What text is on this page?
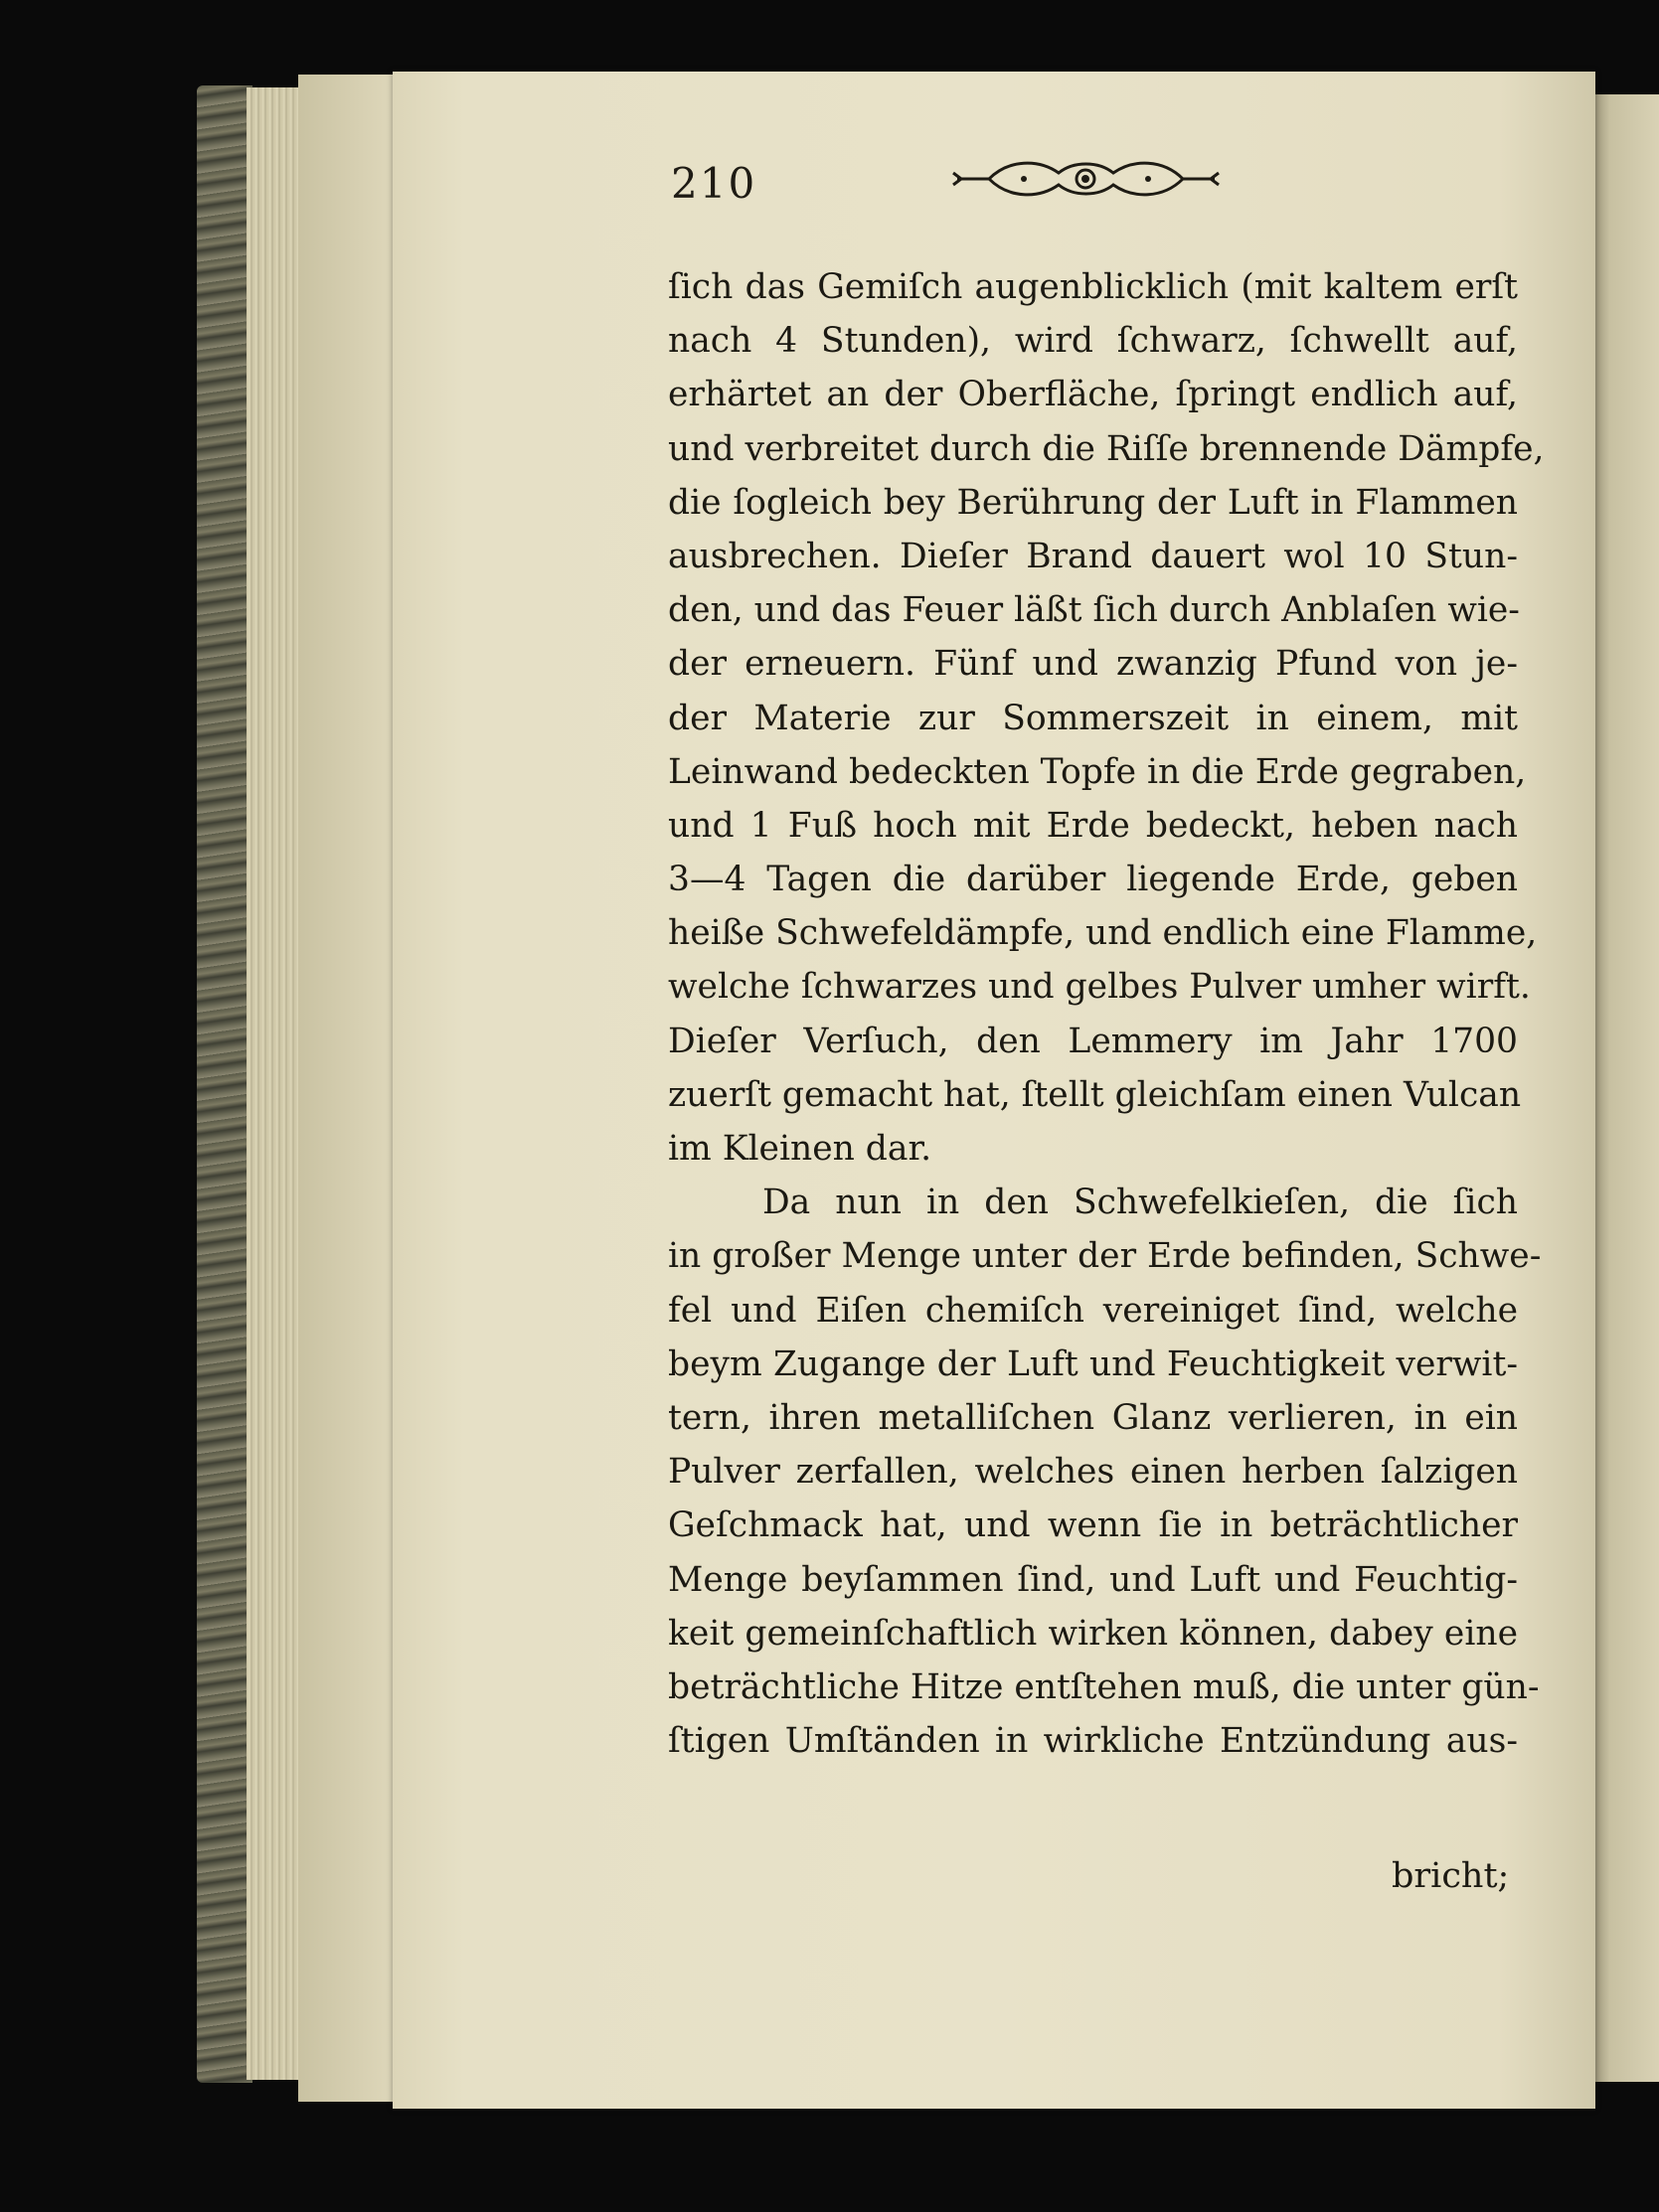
210
ſich das Gemiſch augenblicklich (mit kaltem erſt
nach 4 Stunden), wird ſchwarz, ſchwellt auf,
erhärtet an der Oberfläche, ſpringt endlich auf,
und verbreitet durch die Riſſe brennende Dämpfe,
die ſogleich bey Berührung der Luft in Flammen
ausbrechen. Dieſer Brand dauert wol 10 Stun-
den, und das Feuer läßt ſich durch Anblaſen wie-
der erneuern. Fünf und zwanzig Pfund von je-
der Materie zur Sommerszeit in einem, mit
Leinwand bedeckten Topfe in die Erde gegraben,
und 1 Fuß hoch mit Erde bedeckt, heben nach
3—4 Tagen die darüber liegende Erde, geben
heiße Schwefeldämpfe, und endlich eine Flamme,
welche ſchwarzes und gelbes Pulver umher wirft.
Dieſer Verſuch, den Lemmery im Jahr 1700
zuerſt gemacht hat, ſtellt gleichſam einen Vulcan
im Kleinen dar.
Da nun in den Schwefelkieſen, die ſich
in großer Menge unter der Erde befinden, Schwe-
fel und Eiſen chemiſch vereiniget ſind, welche
beym Zugange der Luft und Feuchtigkeit verwit-
tern, ihren metalliſchen Glanz verlieren, in ein
Pulver zerfallen, welches einen herben ſalzigen
Geſchmack hat, und wenn ſie in beträchtlicher
Menge beyſammen ſind, und Luft und Feuchtig-
keit gemeinſchaftlich wirken können, dabey eine
beträchtliche Hitze entſtehen muß, die unter gün-
ſtigen Umſtänden in wirkliche Entzündung aus-
bricht;
